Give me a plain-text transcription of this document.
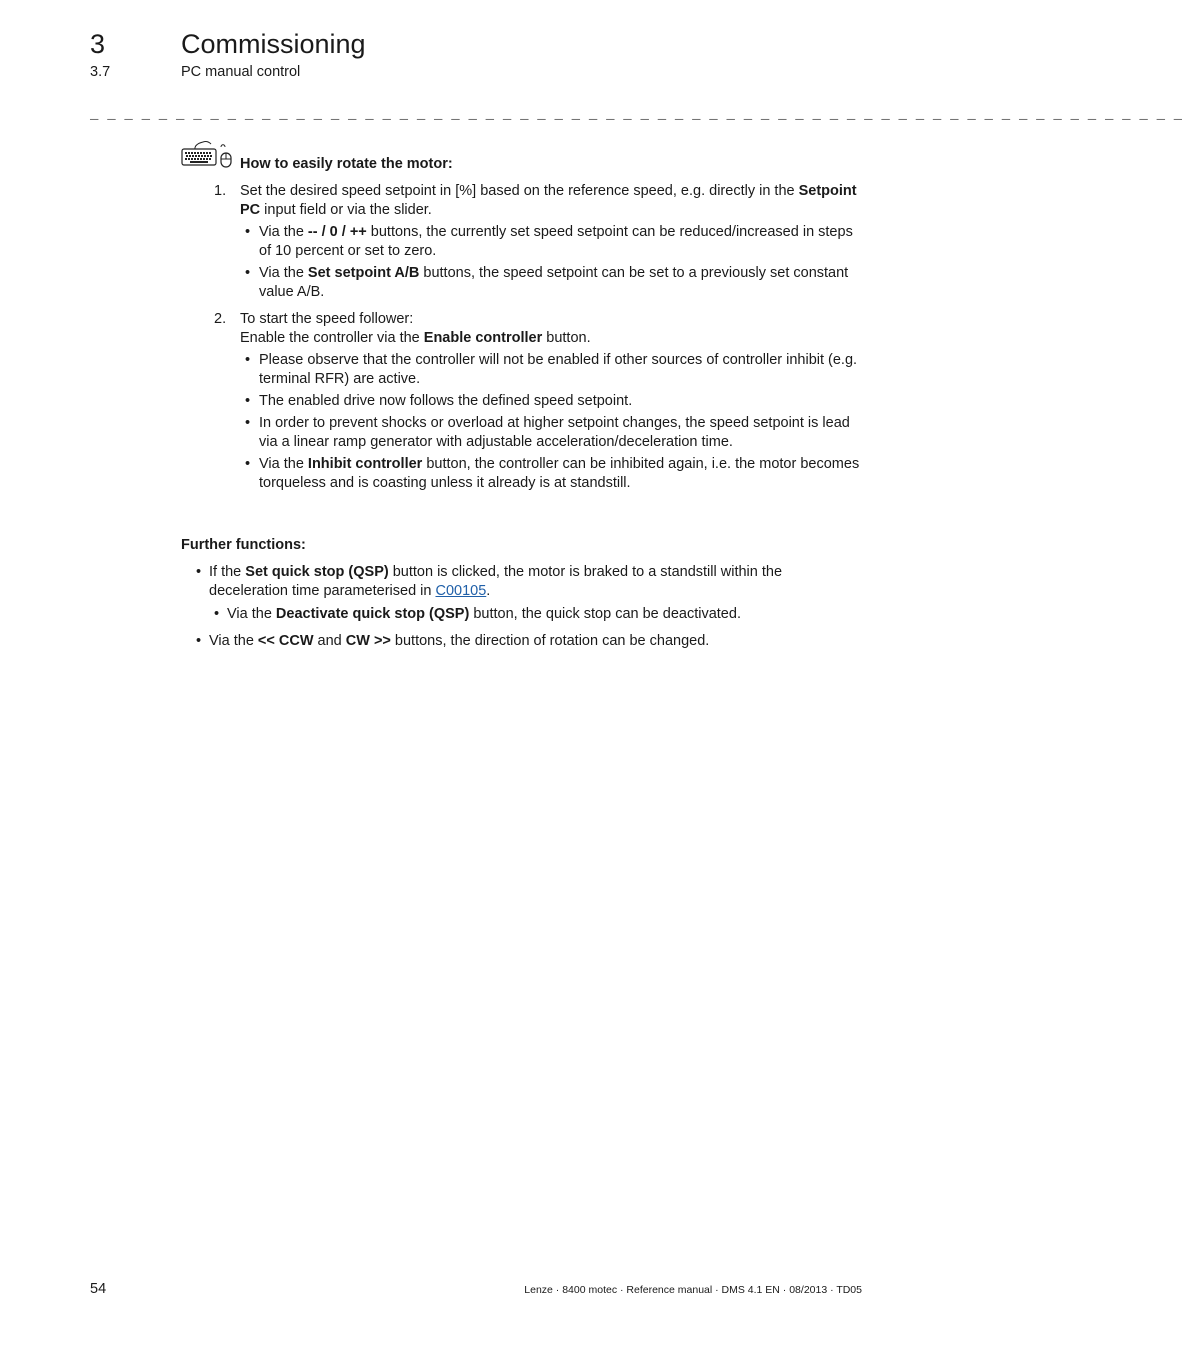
3	Commissioning
3.7	PC manual control
_ _ _ _ _ _ _ _ _ _ _ _ _ _ _ _ _ _ _ _ _ _ _ _ _ _ _ _ _ _ _ _ _ _ _ _ _ _ _ _ _ _ _ _ _ _ _ _ _ _ _ _ _ _ _ _ _ _ _ _ _ _ _ _
How to easily rotate the motor:
1. Set the desired speed setpoint in [%] based on the reference speed, e.g. directly in the Setpoint PC input field or via the slider.
• Via the -- / 0 / ++ buttons, the currently set speed setpoint can be reduced/increased in steps of 10 percent or set to zero.
• Via the Set setpoint A/B buttons, the speed setpoint can be set to a previously set constant value A/B.
2. To start the speed follower:
Enable the controller via the Enable controller button.
• Please observe that the controller will not be enabled if other sources of controller inhibit (e.g. terminal RFR) are active.
• The enabled drive now follows the defined speed setpoint.
• In order to prevent shocks or overload at higher setpoint changes, the speed setpoint is lead via a linear ramp generator with adjustable acceleration/deceleration time.
• Via the Inhibit controller button, the controller can be inhibited again, i.e. the motor becomes torqueless and is coasting unless it already is at standstill.
Further functions:
• If the Set quick stop (QSP) button is clicked, the motor is braked to a standstill within the deceleration time parameterised in C00105.
• Via the Deactivate quick stop (QSP) button, the quick stop can be deactivated.
• Via the << CCW and CW >> buttons, the direction of rotation can be changed.
54	Lenze · 8400 motec · Reference manual · DMS 4.1 EN · 08/2013 · TD05
